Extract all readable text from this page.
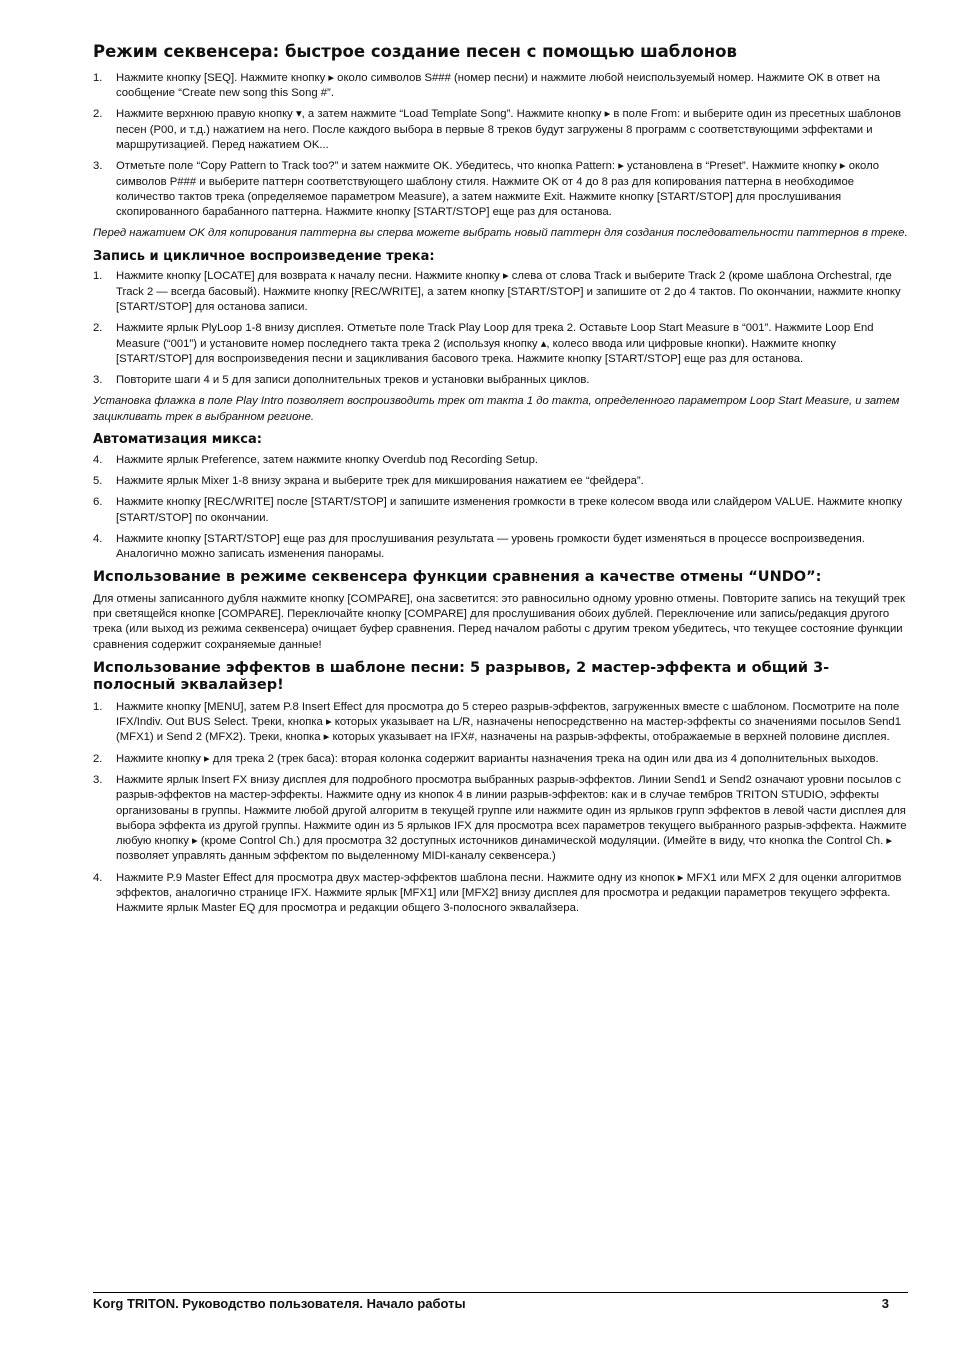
Режим секвенсера: быстрое создание песен с помощью шаблонов
1. Нажмите кнопку [SEQ]. Нажмите кнопку ▸ около символов S### (номер песни) и нажмите любой неиспользуемый номер. Нажмите OK в ответ на сообщение “Create new song this Song #”.
2. Нажмите верхнюю правую кнопку ▾, а затем нажмите “Load Template Song”. Нажмите кнопку ▸ в поле From: и выберите один из пресетных шаблонов песен (P00, и т.д.) нажатием на него. После каждого выбора в первые 8 треков будут загружены 8 программ с соответствующими эффектами и маршрутизацией. Перед нажатием OK...
3. Отметьте поле “Copy Pattern to Track too?” и затем нажмите OK. Убедитесь, что кнопка Pattern: ▸ установлена в “Preset”. Нажмите кнопку ▸ около символов P### и выберите паттерн соответствующего шаблону стиля. Нажмите OK от 4 до 8 раз для копирования паттерна в необходимое количество тактов трека (определяемое параметром Measure), а затем нажмите Exit. Нажмите кнопку [START/STOP] для прослушивания скопированного барабанного паттерна. Нажмите кнопку [START/STOP] еще раз для останова.
Перед нажатием OK для копирования паттерна вы сперва можете выбрать новый паттерн для создания последовательности паттернов в треке.
Запись и цикличное воспроизведение трека:
1. Нажмите кнопку [LOCATE] для возврата к началу песни. Нажмите кнопку ▸ слева от слова Track и выберите Track 2 (кроме шаблона Orchestral, где Track 2 — всегда басовый). Нажмите кнопку [REC/WRITE], а затем кнопку [START/STOP] и запишите от 2 до 4 тактов. По окончании, нажмите кнопку [START/STOP] для останова записи.
2. Нажмите ярлык PlyLoop 1-8 внизу дисплея. Отметьте поле Track Play Loop для трека 2. Оставьте Loop Start Measure в “001”. Нажмите Loop End Measure (“001”) и установите номер последнего такта трека 2 (используя кнопку ▴, колесо ввода или цифровые кнопки). Нажмите кнопку [START/STOP] для воспроизведения песни и зацикливания басового трека. Нажмите кнопку [START/STOP] еще раз для останова.
3. Повторите шаги 4 и 5 для записи дополнительных треков и установки выбранных циклов.
Установка флажка в поле Play Intro позволяет воспроизводить трек от такта 1 до такта, определенного параметром Loop Start Measure, и затем зацикливать трек в выбранном регионе.
Автоматизация микса:
4. Нажмите ярлык Preference, затем нажмите кнопку Overdub под Recording Setup.
5. Нажмите ярлык Mixer 1-8 внизу экрана и выберите трек для микширования нажатием ее “фейдера”.
6. Нажмите кнопку [REC/WRITE] после [START/STOP] и запишите изменения громкости в треке колесом ввода или слайдером VALUE. Нажмите кнопку [START/STOP] по окончании.
4. Нажмите кнопку [START/STOP] еще раз для прослушивания результата — уровень громкости будет изменяться в процессе воспроизведения. Аналогично можно записать изменения панорамы.
Использование в режиме секвенсера функции сравнения а качестве отмены “UNDO”:
Для отмены записанного дубля нажмите кнопку [COMPARE], она засветится: это равносильно одному уровню отмены. Повторите запись на текущий трек при светящейся кнопке [COMPARE]. Переключайте кнопку [COMPARE] для прослушивания обоих дублей. Переключение или запись/редакция другого трека (или выход из режима секвенсера) очищает буфер сравнения. Перед началом работы с другим треком убедитесь, что текущее состояние функции сравнения содержит сохраняемые данные!
Использование эффектов в шаблоне песни: 5 разрывов, 2 мастер-эффекта и общий 3-полосный эквалайзер!
1. Нажмите кнопку [MENU], затем P.8 Insert Effect для просмотра до 5 стерео разрыв-эффектов, загруженных вместе с шаблоном. Посмотрите на поле IFX/Indiv. Out BUS Select. Треки, кнопка ▸ которых указывает на L/R, назначены непосредственно на мастер-эффекты со значениями посылов Send1 (MFX1) и Send 2 (MFX2). Треки, кнопка ▸ которых указывает на IFX#, назначены на разрыв-эффекты, отображаемые в верхней половине дисплея.
2. Нажмите кнопку ▸ для трека 2 (трек баса): вторая колонка содержит варианты назначения трека на один или два из 4 дополнительных выходов.
3. Нажмите ярлык Insert FX внизу дисплея для подробного просмотра выбранных разрыв-эффектов. Линии Send1 и Send2 означают уровни посылов с разрыв-эффектов на мастер-эффекты. Нажмите одну из кнопок 4 в линии разрыв-эффектов: как и в случае тембров TRITON STUDIO, эффекты организованы в группы. Нажмите любой другой алгоритм в текущей группе или нажмите один из ярлыков групп эффектов в левой части дисплея для выбора эффекта из другой группы. Нажмите один из 5 ярлыков IFX для просмотра всех параметров текущего выбранного разрыв-эффекта. Нажмите любую кнопку ▸ (кроме Control Ch.) для просмотра 32 доступных источников динамической модуляции. (Имейте в виду, что кнопка the Control Ch. ▸ позволяет управлять данным эффектом по выделенному MIDI-каналу секвенсера.)
4. Нажмите P.9 Master Effect для просмотра двух мастер-эффектов шаблона песни. Нажмите одну из кнопок ▸ MFX1 или MFX 2 для оценки алгоритмов эффектов, аналогично странице IFX. Нажмите ярлык [MFX1] или [MFX2] внизу дисплея для просмотра и редакции параметров текущего эффекта. Нажмите ярлык Master EQ для просмотра и редакции общего 3-полосного эквалайзера.
Korg TRITON. Руководство пользователя. Начало работы	3
